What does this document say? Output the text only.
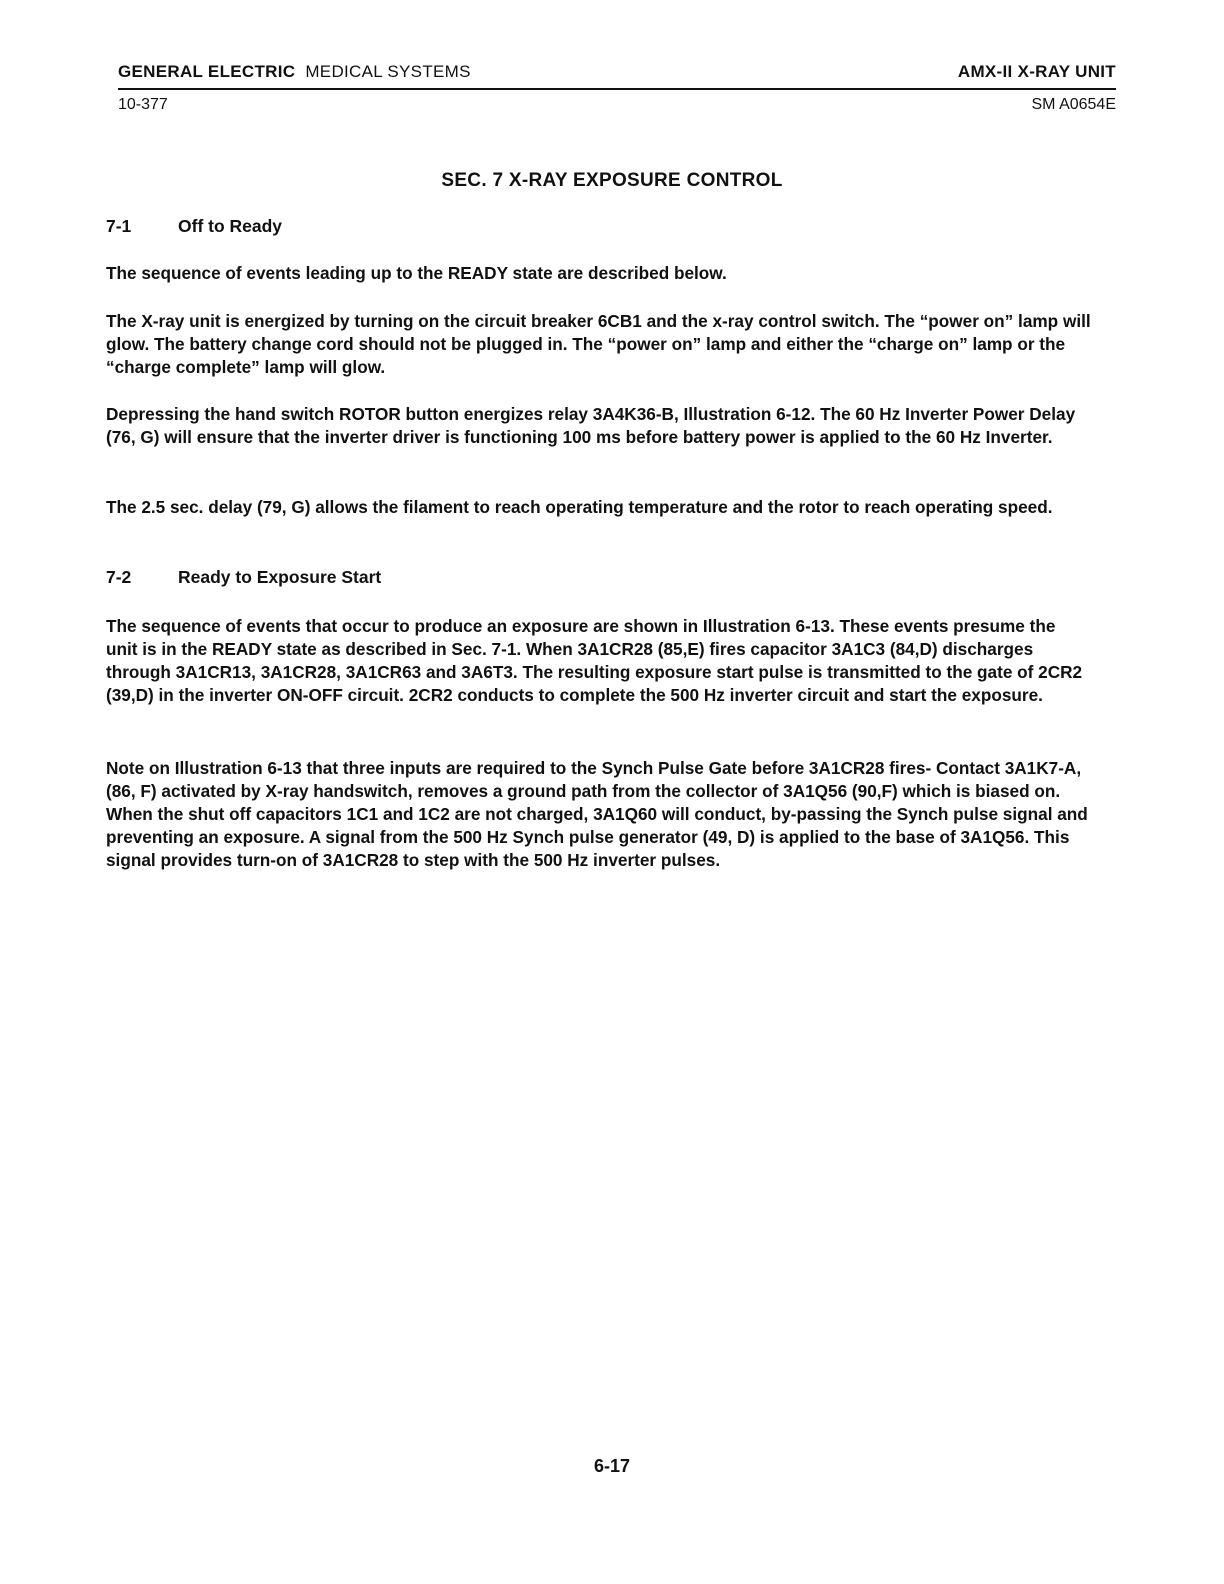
GENERAL ELECTRIC MEDICAL SYSTEMS	AMX-II X-RAY UNIT
10-377	SM A0654E
SEC. 7 X-RAY EXPOSURE CONTROL
7-1	Off to Ready

The sequence of events leading up to the READY state are described below.

The X-ray unit is energized by turning on the circuit breaker 6CB1 and the x-ray control switch. The “power on” lamp will glow. The battery change cord should not be plugged in. The “power on” lamp and either the “charge on” lamp or the “charge complete” lamp will glow.

Depressing the hand switch ROTOR button energizes relay 3A4K36-B, Illustration 6-12. The 60 Hz Inverter Power Delay (76, G) will ensure that the inverter driver is functioning 100 ms before battery power is applied to the 60 Hz Inverter.

The 2.5 sec. delay (79, G) allows the filament to reach operating temperature and the rotor to reach operating speed.

7-2	Ready to Exposure Start

The sequence of events that occur to produce an exposure are shown in Illustration 6-13. These events presume the unit is in the READY state as described in Sec. 7-1. When 3A1CR28 (85,E) fires capacitor 3A1C3 (84,D) discharges through 3A1CR13, 3A1CR28, 3A1CR63 and 3A6T3. The resulting exposure start pulse is transmitted to the gate of 2CR2 (39,D) in the inverter ON-OFF circuit. 2CR2 conducts to complete the 500 Hz inverter circuit and start the exposure.

Note on Illustration 6-13 that three inputs are required to the Synch Pulse Gate before 3A1CR28 fires- Contact 3A1K7-A, (86, F) activated by X-ray handswitch, removes a ground path from the collector of 3A1Q56 (90,F) which is biased on. When the shut off capacitors 1C1 and 1C2 are not charged, 3A1Q60 will conduct, by-passing the Synch pulse signal and preventing an exposure. A signal from the 500 Hz Synch pulse generator (49, D) is applied to the base of 3A1Q56. This signal provides turn-on of 3A1CR28 to step with the 500 Hz inverter pulses.

6-17
